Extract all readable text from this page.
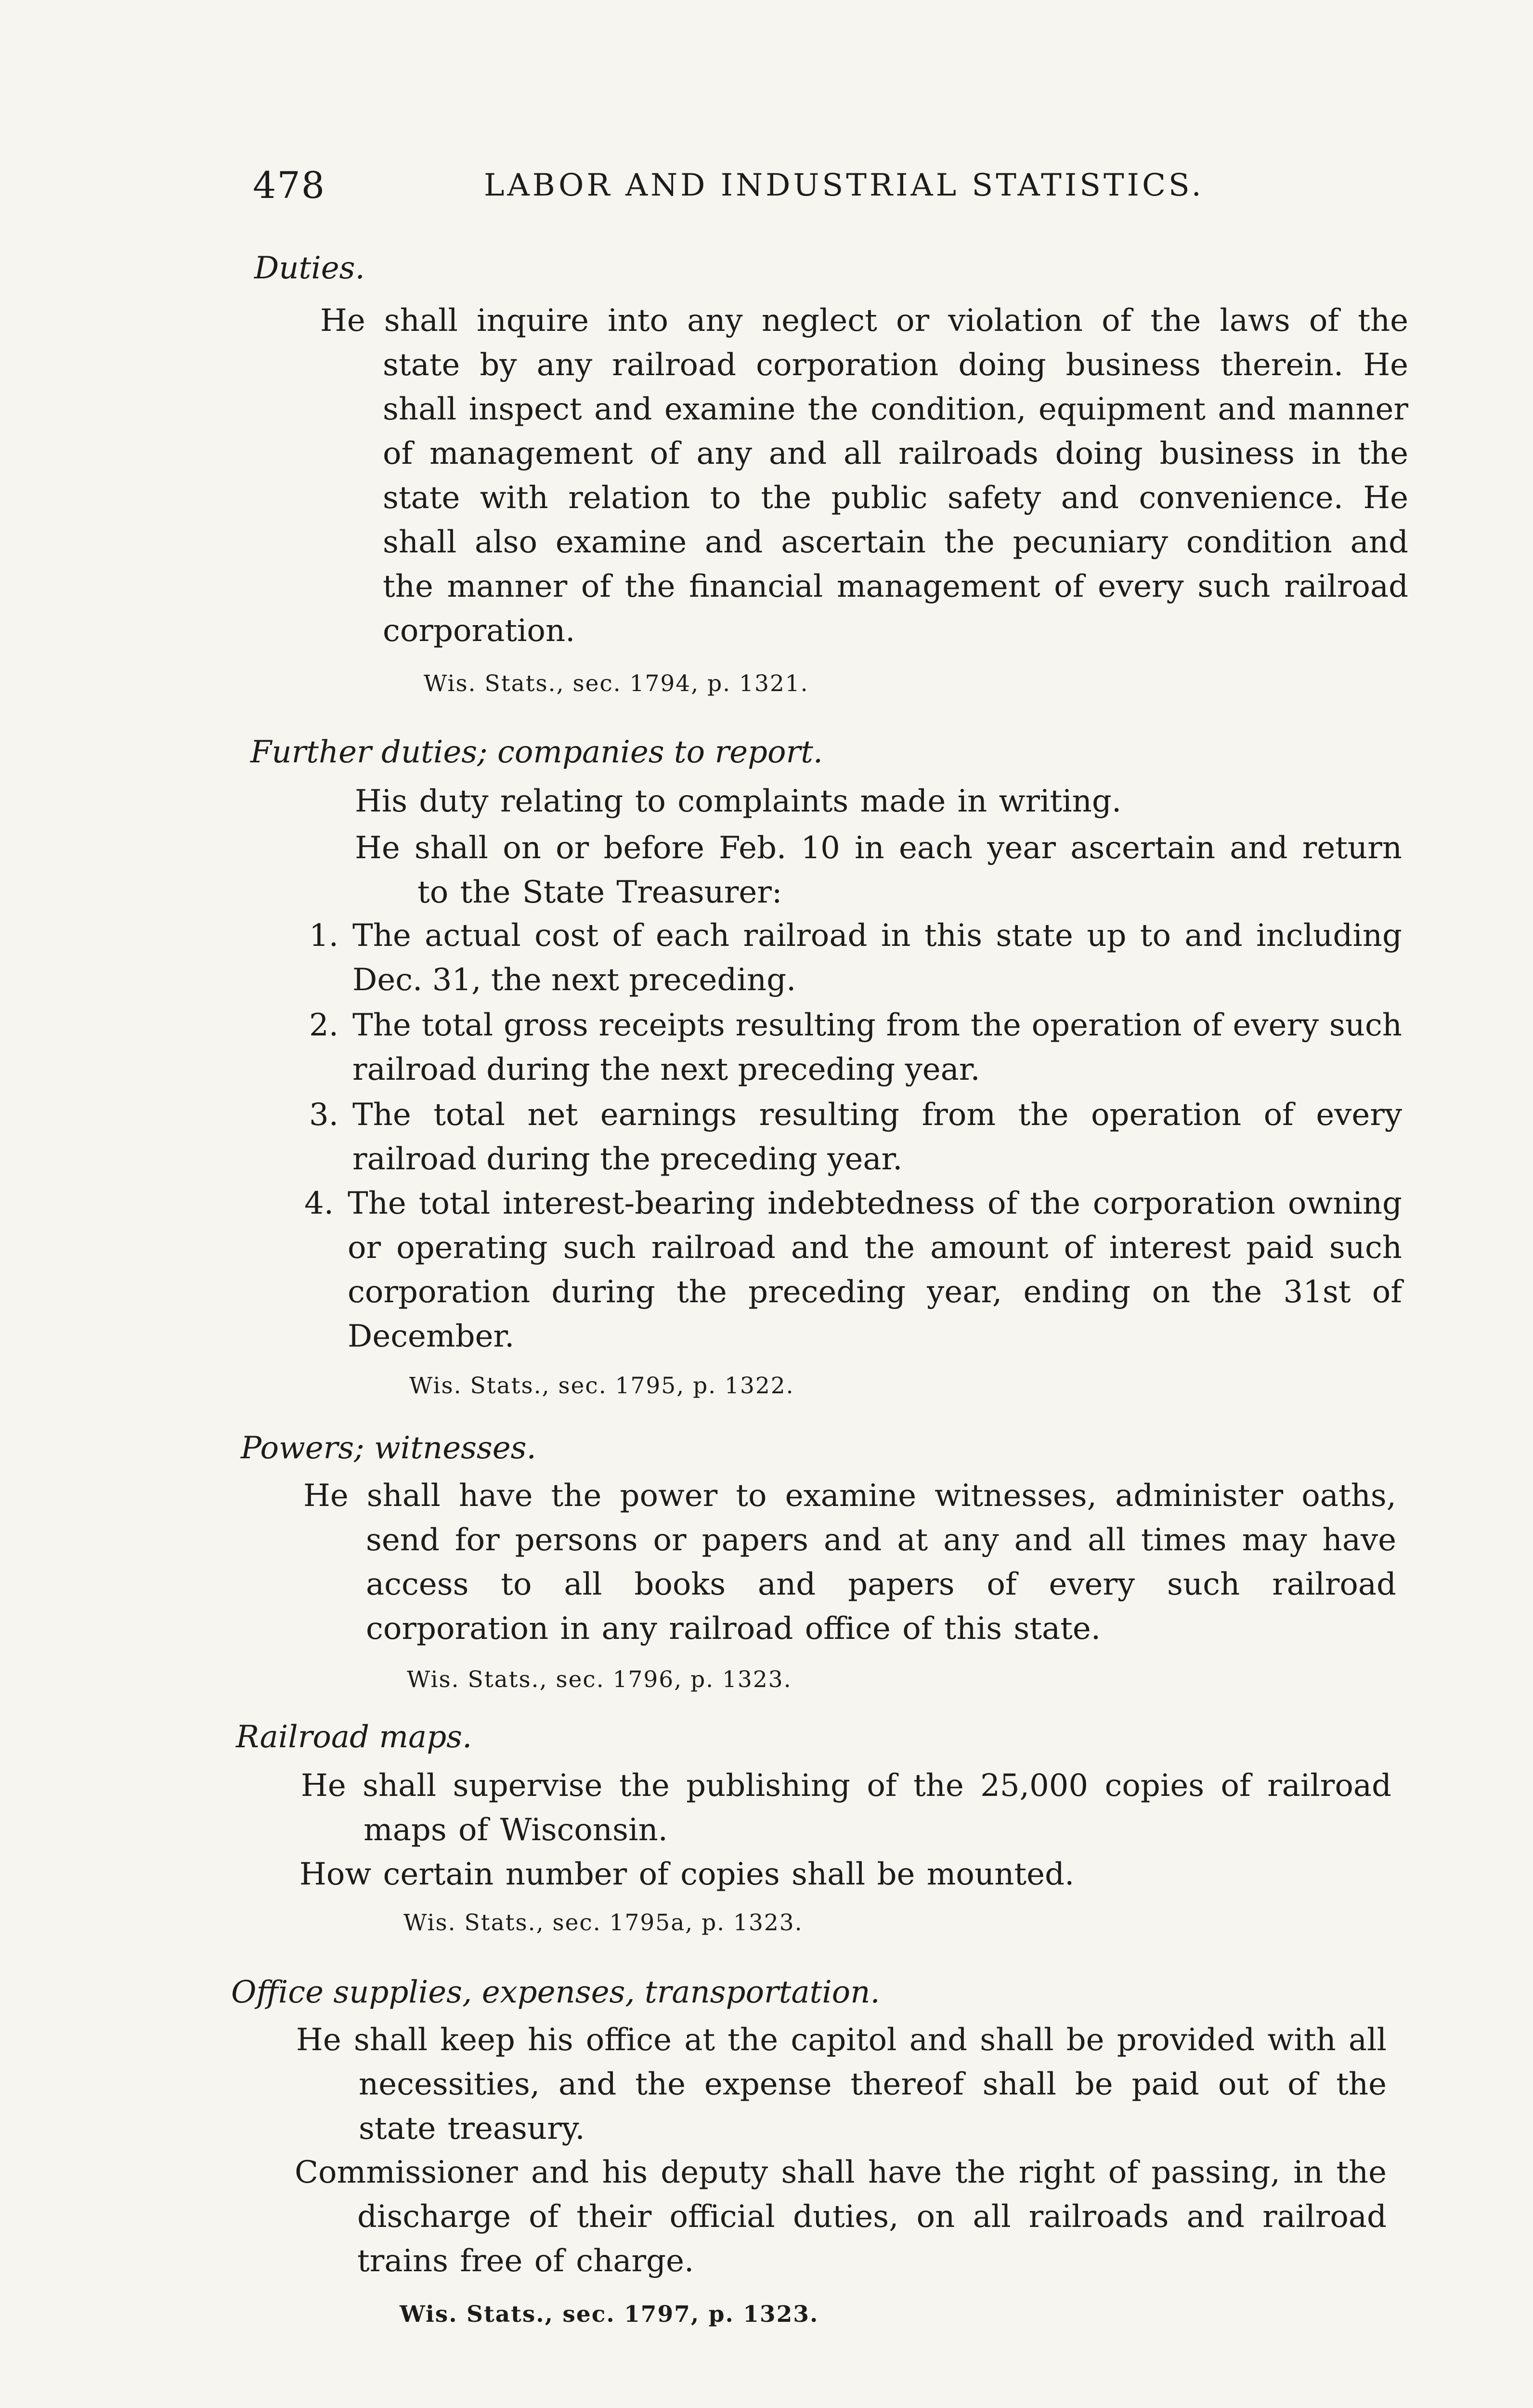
478	LABOR AND INDUSTRIAL STATISTICS.
Duties.
He shall inquire into any neglect or violation of the laws of the state by any railroad corporation doing business therein. He shall inspect and examine the condition, equipment and manner of management of any and all railroads doing business in the state with relation to the public safety and convenience. He shall also examine and ascertain the pecuniary condition and the manner of the financial management of every such railroad corporation.
Wis. Stats., sec. 1794, p. 1321.
Further duties; companies to report.
His duty relating to complaints made in writing.
He shall on or before Feb. 10 in each year ascertain and return to the State Treasurer:
1. The actual cost of each railroad in this state up to and including Dec. 31, the next preceding.
2. The total gross receipts resulting from the operation of every such railroad during the next preceding year.
3. The total net earnings resulting from the operation of every railroad during the preceding year.
4. The total interest-bearing indebtedness of the corporation owning or operating such railroad and the amount of interest paid such corporation during the preceding year, ending on the 31st of December.
Wis. Stats., sec. 1795, p. 1322.
Powers; witnesses.
He shall have the power to examine witnesses, administer oaths, send for persons or papers and at any and all times may have access to all books and papers of every such railroad corporation in any railroad office of this state.
Wis. Stats., sec. 1796, p. 1323.
Railroad maps.
He shall supervise the publishing of the 25,000 copies of railroad maps of Wisconsin.
How certain number of copies shall be mounted.
Wis. Stats., sec. 1795a, p. 1323.
Office supplies, expenses, transportation.
He shall keep his office at the capitol and shall be provided with all necessities, and the expense thereof shall be paid out of the state treasury.
Commissioner and his deputy shall have the right of passing, in the discharge of their official duties, on all railroads and railroad trains free of charge.
Wis. Stats., sec. 1797, p. 1323.
